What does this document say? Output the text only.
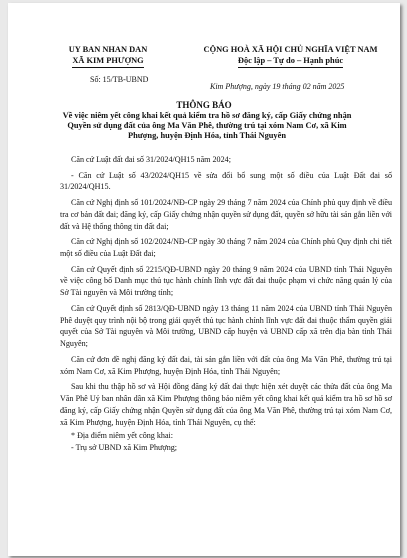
UY BAN NHAN DAN
XÃ KIM PHƯỢNG
CỘNG HOÀ XÃ HỘI CHỦ NGHĨA VIỆT NAM
Độc lập – Tự do – Hạnh phúc
Số: 15/TB-UBND
Kim Phượng, ngày 19 tháng 02 năm 2025
THÔNG BÁO
Về việc niêm yết công khai kết quả kiểm tra hồ sơ đăng ký, cấp Giấy chứng nhận Quyền sử dụng đất của ông Ma Văn Phê, thường trú tại xóm Nam Cơ, xã Kim Phượng, huyện Định Hóa, tỉnh Thái Nguyên

Căn cứ Luật đất đai số 31/2024/QH15 năm 2024;

- Căn cứ Luật số 43/2024/QH15 về sửa đổi bổ sung một số điều của Luật Đất đai số 31/2024/QH15.

Căn cứ Nghị định số 101/2024/NĐ-CP ngày 29 tháng 7 năm 2024 của Chính phủ quy định về điều tra cơ bản đất đai; đăng ký, cấp Giấy chứng nhận quyền sử dụng đất, quyền sở hữu tài sản gắn liền với đất và Hệ thống thông tin đất đai;

Căn cứ Nghị định số 102/2024/NĐ-CP ngày 30 tháng 7 năm 2024 của Chính phủ Quy định chi tiết một số điều của Luật Đất đai;

Căn cứ Quyết định số 2215/QĐ-UBND ngày 20 tháng 9 năm 2024 của UBND tỉnh Thái Nguyên về việc công bố Danh mục thủ tục hành chính lĩnh vực đất đai thuộc phạm vi chức năng quản lý của Sở Tài nguyên và Môi trường tỉnh;

Căn cứ Quyết định số 2813/QĐ-UBND ngày 13 tháng 11 năm 2024 của UBND tỉnh Thái Nguyên Phê duyệt quy trình nội bộ trong giải quyết thủ tục hành chính lĩnh vực đất đai thuộc thẩm quyền giải quyết của Sở Tài nguyên và Môi trường, UBND cấp huyện và UBND cấp xã trên địa bàn tỉnh Thái Nguyên;

Căn cứ đơn đề nghị đăng ký đất đai, tài sản gắn liền với đất của ông Ma Văn Phê, thường trú tại xóm Nam Cơ, xã Kim Phượng, huyện Định Hóa, tỉnh Thái Nguyên;

Sau khi thu thập hồ sơ và Hội đồng đăng ký đất đai thực hiện xét duyệt các thửa đất của ông Ma Văn Phê Uỷ ban nhân dân xã Kim Phượng thông báo niêm yết công khai kết quả kiểm tra hồ sơ hồ sơ đăng ký, cấp Giấy chứng nhận Quyền sử dụng đất của ông Ma Văn Phê, thường trú tại xóm Nam Cơ, xã Kim Phượng, huyện Định Hóa, tỉnh Thái Nguyên, cụ thể:

* Địa điểm niêm yết công khai:

- Trụ sở UBND xã Kim Phượng;
